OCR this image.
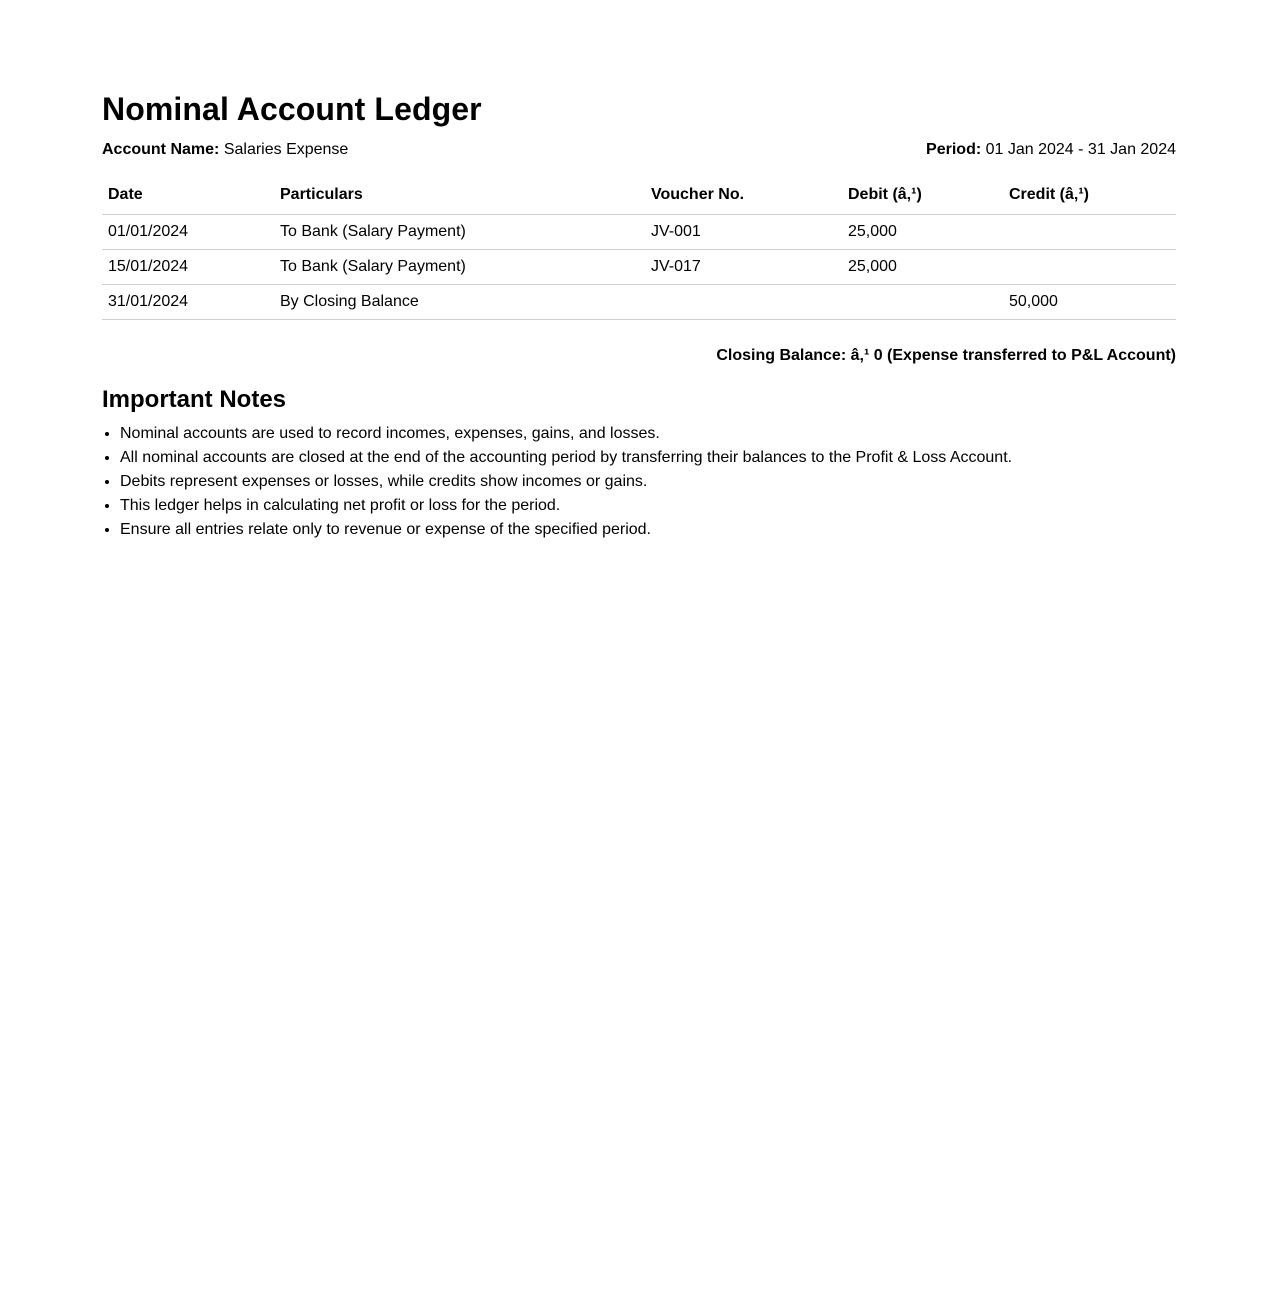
Nominal Account Ledger
Account Name: Salaries Expense	Period: 01 Jan 2024 - 31 Jan 2024
Date	Particulars	Voucher No.	Debit (â‚¹)	Credit (â‚¹)
01/01/2024	To Bank (Salary Payment)	JV-001	25,000	
15/01/2024	To Bank (Salary Payment)	JV-017	25,000	
31/01/2024	By Closing Balance			50,000
Closing Balance: â‚¹ 0 (Expense transferred to P&L Account)
Important Notes
• Nominal accounts are used to record incomes, expenses, gains, and losses.
• All nominal accounts are closed at the end of the accounting period by transferring their balances to the Profit & Loss Account.
• Debits represent expenses or losses, while credits show incomes or gains.
• This ledger helps in calculating net profit or loss for the period.
• Ensure all entries relate only to revenue or expense of the specified period.
